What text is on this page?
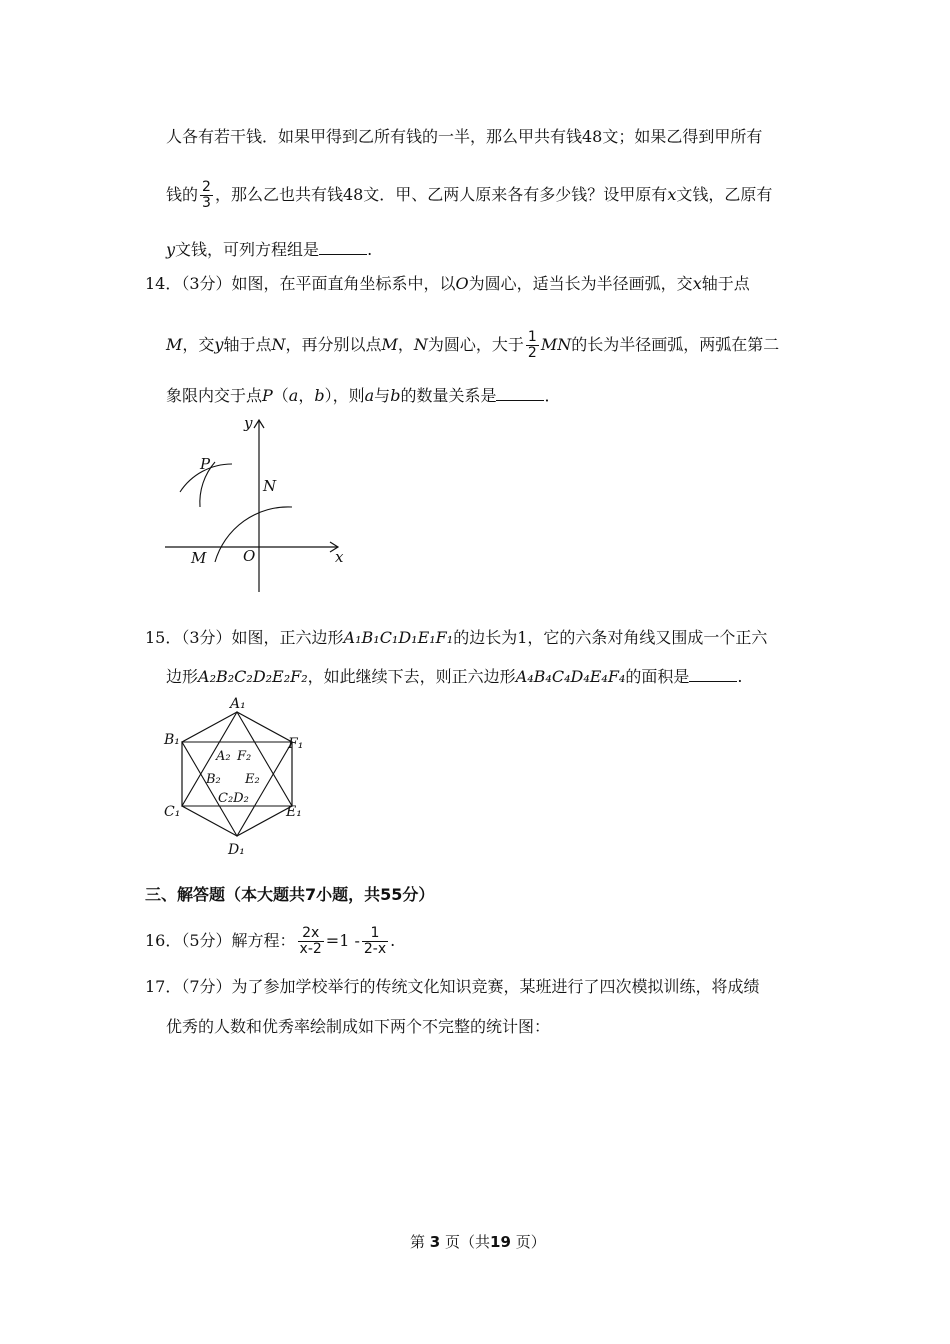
人各有若干钱．如果甲得到乙所有钱的一半，那么甲共有钱48文；如果乙得到甲所有
钱的 $\frac{2}{3}$ ，那么乙也共有钱48文．甲、乙两人原来各有多少钱？设甲原有x文钱，乙原有
y文钱，可列方程组是	.
14．（3分）如图，在平面直角坐标系中，以O为圆心，适当长为半径画弧，交x轴于点
M，交y轴于点N，再分别以点M，N为圆心，大于 $\frac{1}{2}$ MN的长为半径画弧，两弧在第二
象限内交于点P（a，b），则a与b的数量关系是	．
y
P
N
M O	x
15．（3分）如图，正六边形A₁B₁C₁D₁E₁F₁的边长为1，它的六条对角线又围成一个正六
边形A₂B₂C₂D₂E₂F₂，如此继续下去，则正六边形A₄B₄C₄D₄E₄F₄的面积是	.
A₁
B₁	F₁
C₁	E₁
D₁
A₂ F₂
B₂ E₂
C₂D₂
三、解答题（本大题共7小题，共55分）
16．（5分）解方程： $\frac{2x}{x-2} =1 - \frac{1}{2-x}$ .
17．（7分）为了参加学校举行的传统文化知识竞赛，某班进行了四次模拟训练，将成绩
优秀的人数和优秀率绘制成如下两个不完整的统计图：
第 3 页（共19 页）
